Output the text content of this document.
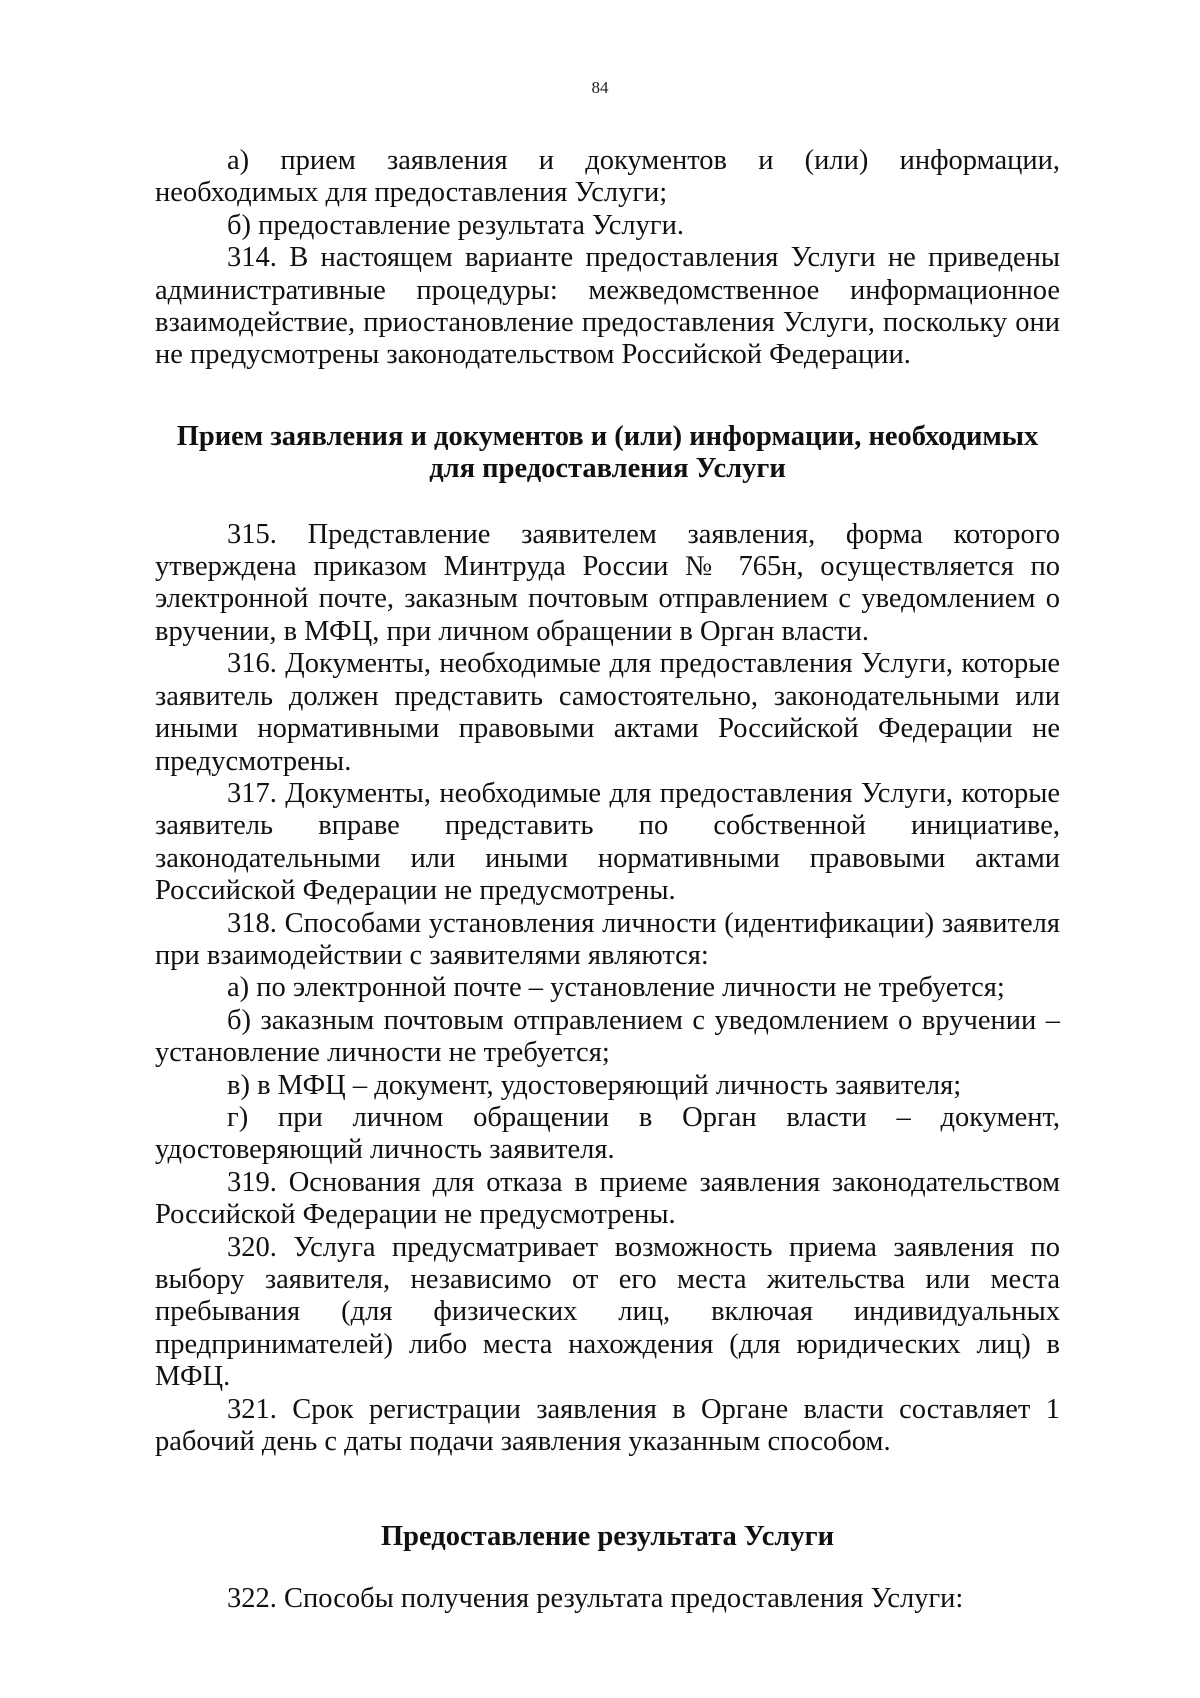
84

а) прием заявления и документов и (или) информации, необходимых для предоставления Услуги;

б) предоставление результата Услуги.

314. В настоящем варианте предоставления Услуги не приведены административные процедуры: межведомственное информационное взаимодействие, приостановление предоставления Услуги, поскольку они не предусмотрены законодательством Российской Федерации.

Прием заявления и документов и (или) информации, необходимых для предоставления Услуги

315. Представление заявителем заявления, форма которого утверждена приказом Минтруда России № 765н, осуществляется по электронной почте, заказным почтовым отправлением с уведомлением о вручении, в МФЦ, при личном обращении в Орган власти.

316. Документы, необходимые для предоставления Услуги, которые заявитель должен представить самостоятельно, законодательными или иными нормативными правовыми актами Российской Федерации не предусмотрены.

317. Документы, необходимые для предоставления Услуги, которые заявитель вправе представить по собственной инициативе, законодательными или иными нормативными правовыми актами Российской Федерации не предусмотрены.

318. Способами установления личности (идентификации) заявителя при взаимодействии с заявителями являются:

а) по электронной почте – установление личности не требуется;

б) заказным почтовым отправлением с уведомлением о вручении – установление личности не требуется;

в) в МФЦ – документ, удостоверяющий личность заявителя;

г) при личном обращении в Орган власти – документ, удостоверяющий личность заявителя.

319. Основания для отказа в приеме заявления законодательством Российской Федерации не предусмотрены.

320. Услуга предусматривает возможность приема заявления по выбору заявителя, независимо от его места жительства или места пребывания (для физических лиц, включая индивидуальных предпринимателей) либо места нахождения (для юридических лиц) в МФЦ.

321. Срок регистрации заявления в Органе власти составляет 1 рабочий день с даты подачи заявления указанным способом.

Предоставление результата Услуги

322. Способы получения результата предоставления Услуги:
